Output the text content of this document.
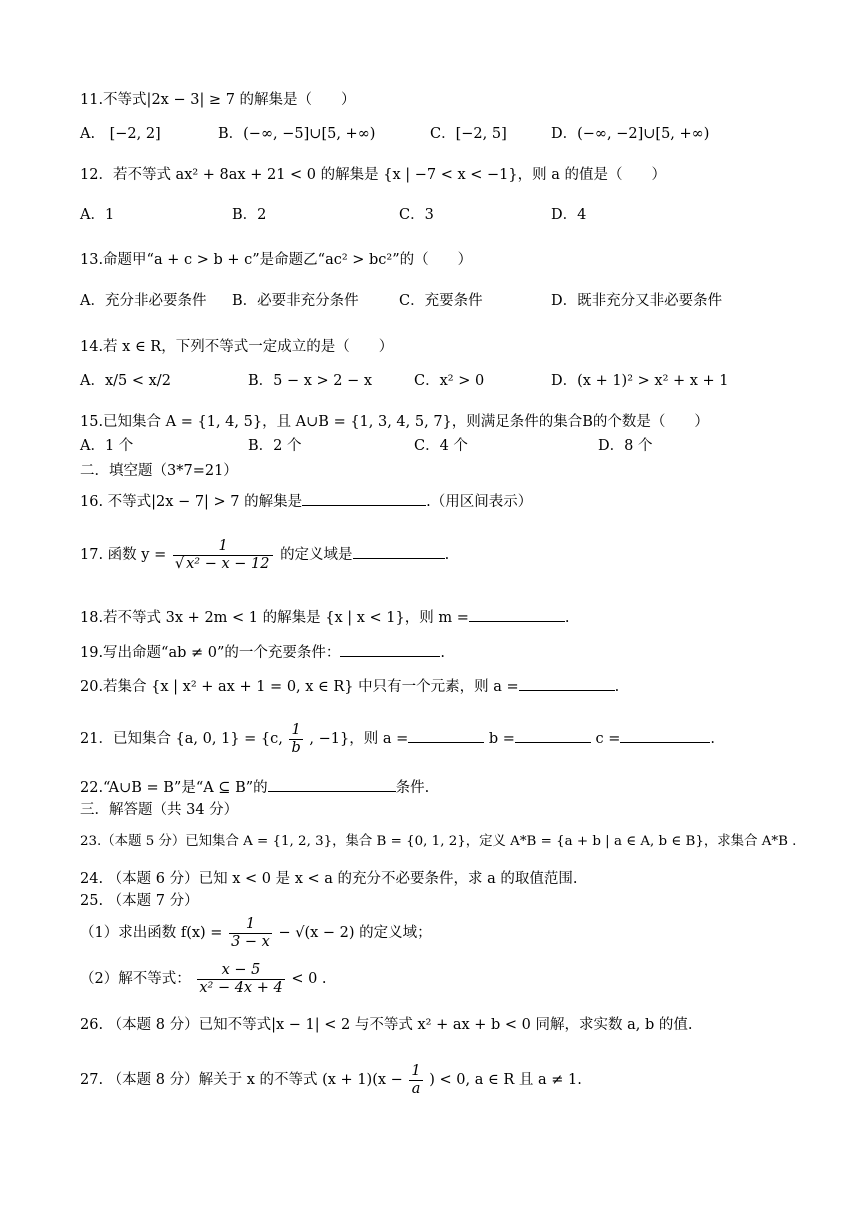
11.不等式|2x − 3| ≥ 7 的解集是（　　）
A.　[−2, 2]	B．(−∞, −5]∪[5, +∞)	C．[−2, 5]	D．(−∞, −2]∪[5, +∞)
12．若不等式 ax² + 8ax + 21 < 0 的解集是 {x | −7 < x < −1}，则 a 的值是（　　）
A．1	B．2	C．3	D．4
13.命题甲“a + c > b + c”是命题乙“ac² > bc²”的（　　）
A．充分非必要条件 B．必要非充分条件	C．充要条件	D．既非充分又非必要条件
14.若 x ∈ R，下列不等式一定成立的是（　　）
A．x/5 < x/2	B．5 − x > 2 − x	C．x² > 0	D．(x + 1)² > x² + x + 1
15.已知集合 A = {1, 4, 5}，且 A∪B = {1, 3, 4, 5, 7}，则满足条件的集合B的个数是（　　）
A．1 个	B．2 个	C．4 个	D．8 个
二．填空题（3*7=21）
16. 不等式|2x − 7| > 7 的解集是	.（用区间表示）
17. 函数 $y = \frac{1}{\text{√ x² − x − 12}}$ 的定义域是	.
18.若不等式 3x + 2m < 1 的解集是 {x | x < 1}，则 m =	.
19.写出命题“ab ≠ 0”的一个充要条件：	.
20.若集合 {x | x² + ax + 1 = 0, x ∈ R} 中只有一个元素，则 a =	.
21．已知集合 {a, 0, 1} = {c, $\frac{1}{b}$ , −1}，则 a =	b =	c =	.
22.“A∪B = B”是“A ⊆ B”的	条件.
三．解答题（共 34 分）
23.（本题 5 分）已知集合 A = {1, 2, 3}，集合 B = {0, 1, 2}，定义 A*B = {a + b | a ∈ A, b ∈ B}，求集合 A*B .
24. （本题 6 分）已知 x < 0 是 x < a 的充分不必要条件，求 a 的取值范围.
25. （本题 7 分）
（1）求出函数 $f(x) = \frac{1}{3 - x} - √(x - 2)$ 的定义域；
（2）解不等式： $\frac{x - 5}{\text{x² − 4x + 4}} < 0$ .
26. （本题 8 分）已知不等式|x − 1| < 2 与不等式 x² + ax + b < 0 同解，求实数 a, b 的值.
27. （本题 8 分）解关于 x 的不等式 $(x + 1)(x - \frac{1}{a}$ ) < 0, a ∈ R 且 a ≠ 1.
